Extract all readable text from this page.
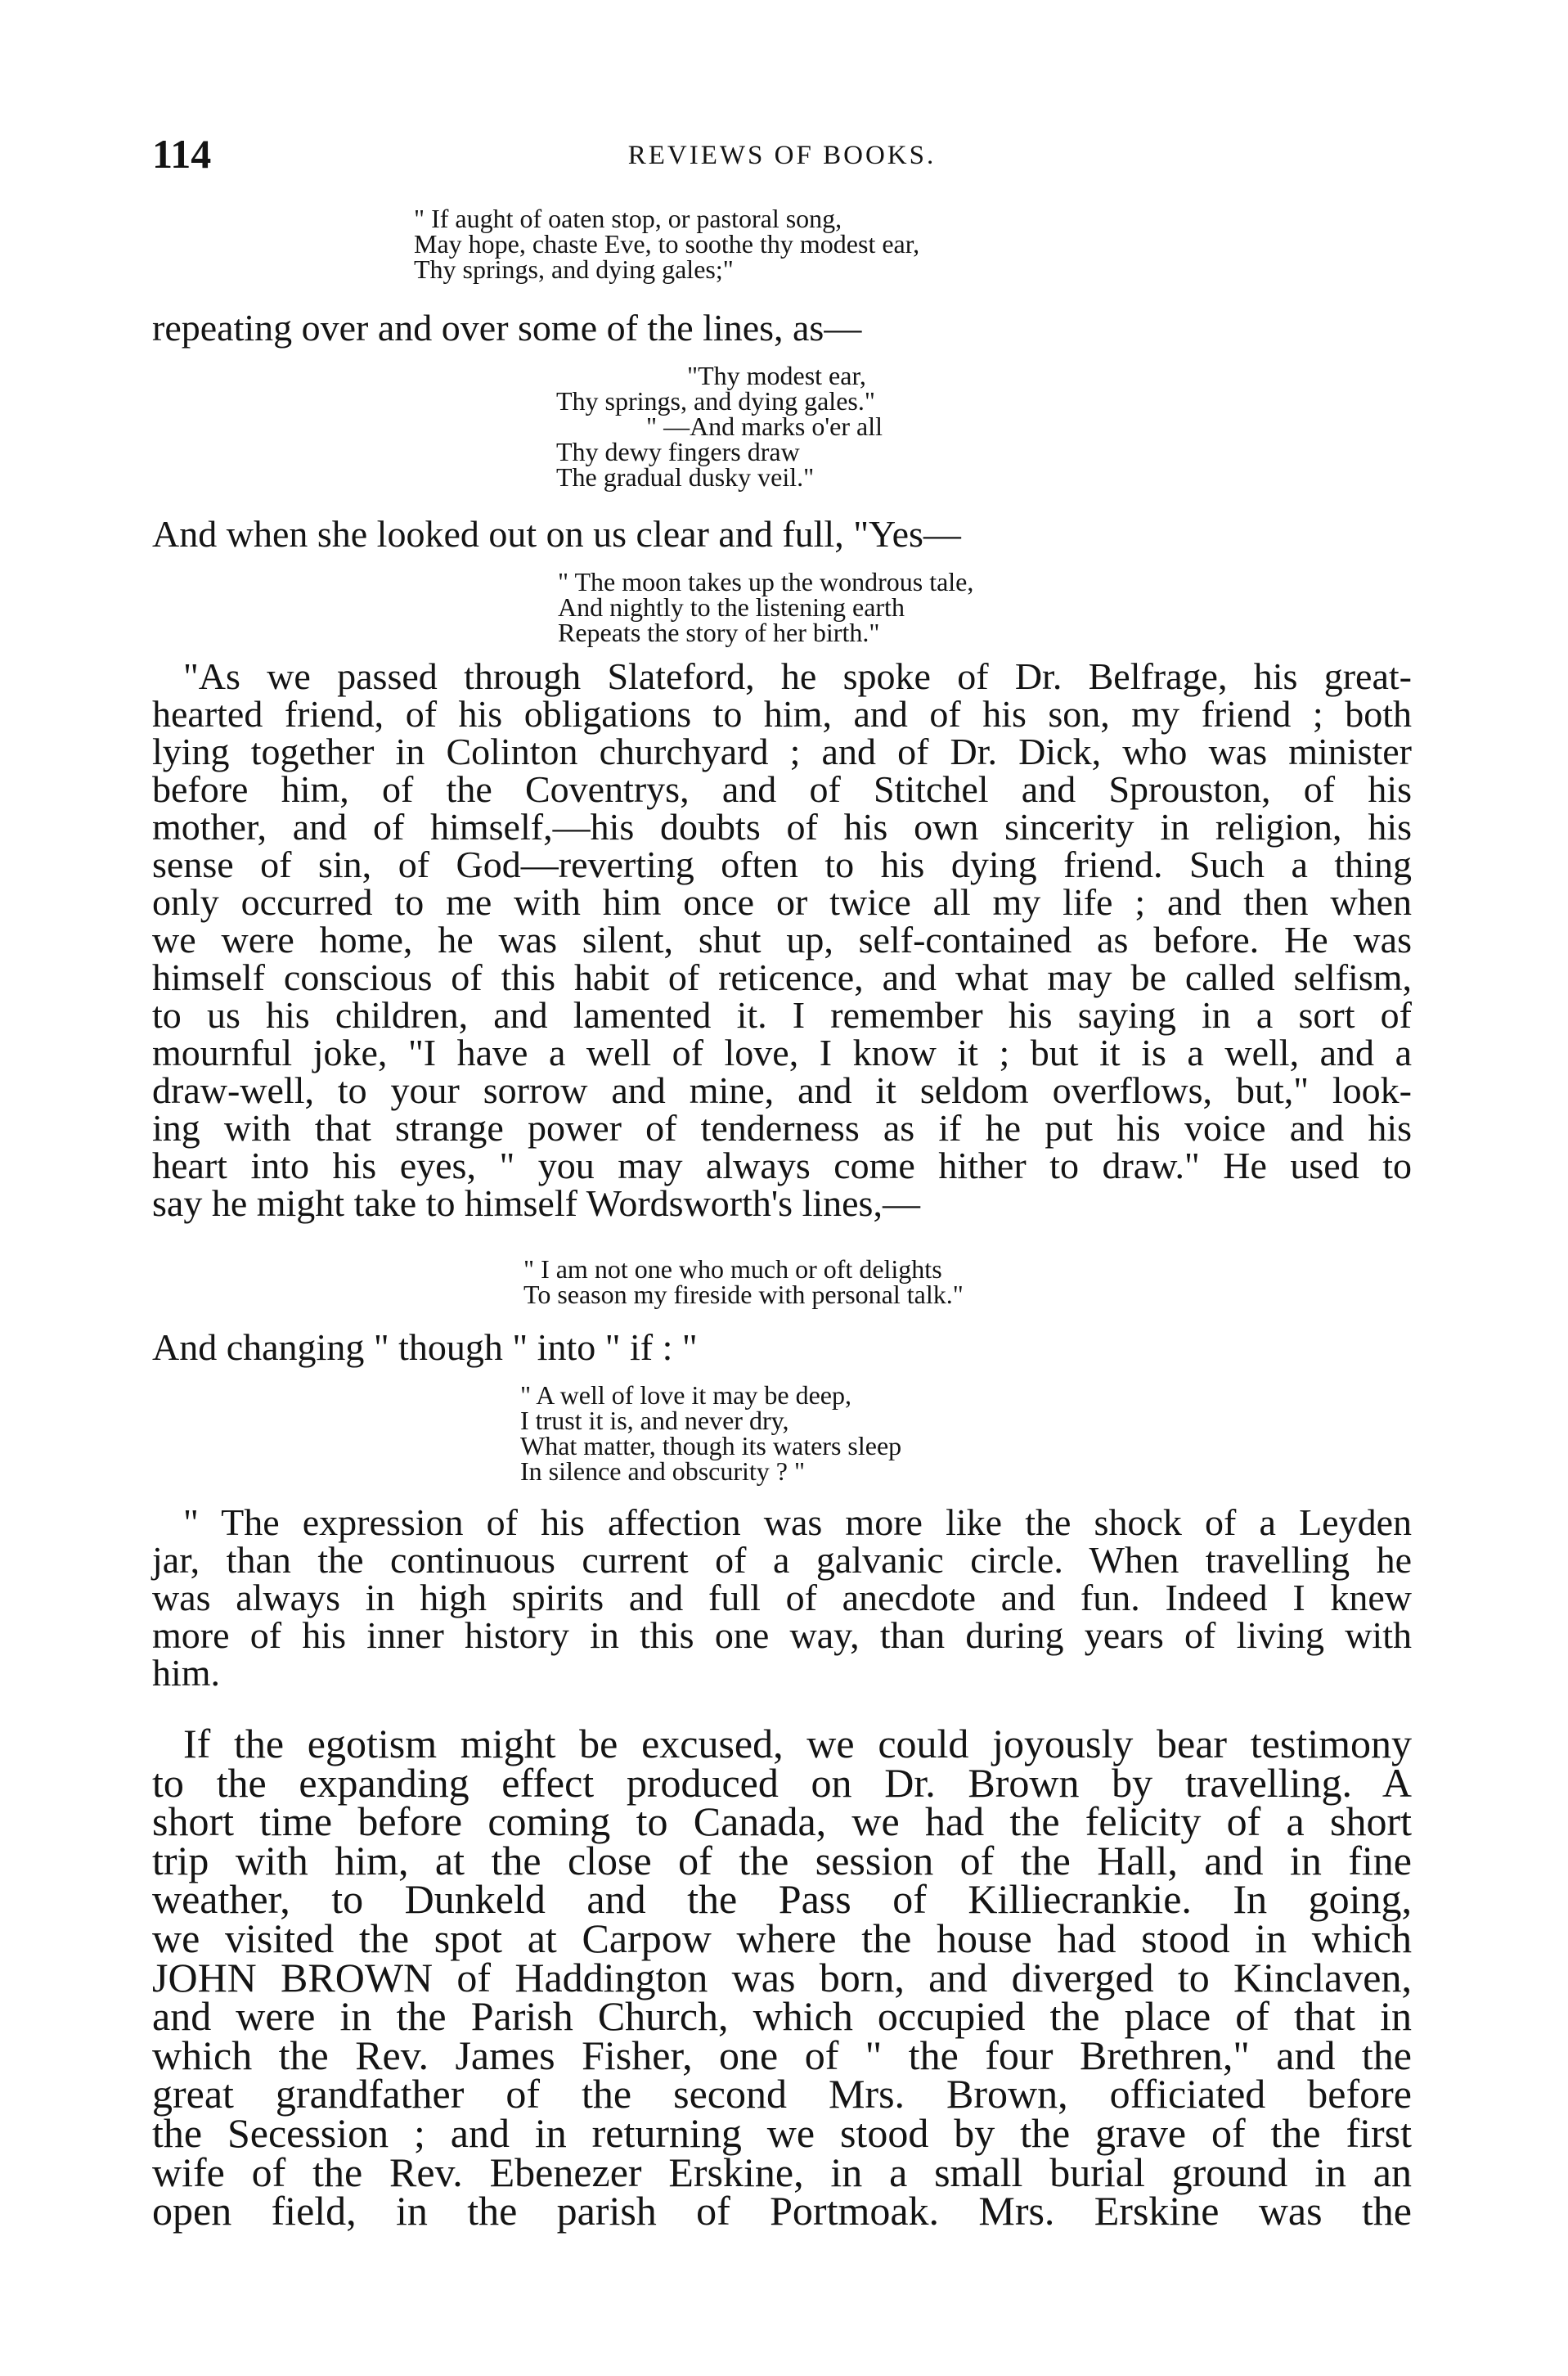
114	REVIEWS OF BOOKS.
" If aught of oaten stop, or pastoral song,
May hope, chaste Eve, to soothe thy modest ear,
Thy springs, and dying gales;"
repeating over and over some of the lines, as—
"Thy modest ear,
Thy springs, and dying gales."
" —And marks o'er all
Thy dewy fingers draw
The gradual dusky veil."
And when she looked out on us clear and full, "Yes—
" The moon takes up the wondrous tale,
And nightly to the listening earth
Repeats the story of her birth."
"As we passed through Slateford, he spoke of Dr. Belfrage, his great-
hearted friend, of his obligations to him, and of his son, my friend ; both
lying together in Colinton churchyard ; and of Dr. Dick, who was minister
before him, of the Coventrys, and of Stitchel and Sprouston, of his
mother, and of himself,—his doubts of his own sincerity in religion, his
sense of sin, of God—reverting often to his dying friend. Such a thing
only occurred to me with him once or twice all my life ; and then when
we were home, he was silent, shut up, self-contained as before. He was
himself conscious of this habit of reticence, and what may be called selfism,
to us his children, and lamented it. I remember his saying in a sort of
mournful joke, "I have a well of love, I know it ; but it is a well, and a
draw-well, to your sorrow and mine, and it seldom overflows, but," look-
ing with that strange power of tenderness as if he put his voice and his
heart into his eyes, " you may always come hither to draw." He used to
say he might take to himself Wordsworth's lines,—
" I am not one who much or oft delights
To season my fireside with personal talk."
And changing " though " into " if : "
" A well of love it may be deep,
I trust it is, and never dry,
What matter, though its waters sleep
In silence and obscurity ? "
" The expression of his affection was more like the shock of a Leyden
jar, than the continuous current of a galvanic circle. When travelling he
was always in high spirits and full of anecdote and fun. Indeed I knew
more of his inner history in this one way, than during years of living with
him.
If the egotism might be excused, we could joyously bear testimony
to the expanding effect produced on Dr. Brown by travelling. A
short time before coming to Canada, we had the felicity of a short
trip with him, at the close of the session of the Hall, and in fine
weather, to Dunkeld and the Pass of Killiecrankie. In going,
we visited the spot at Carpow where the house had stood in which
JOHN BROWN of Haddington was born, and diverged to Kinclaven,
and were in the Parish Church, which occupied the place of that in
which the Rev. James Fisher, one of " the four Brethren," and the
great grandfather of the second Mrs. Brown, officiated before
the Secession ; and in returning we stood by the grave of the first
wife of the Rev. Ebenezer Erskine, in a small burial ground in an
open field, in the parish of Portmoak. Mrs. Erskine was the
